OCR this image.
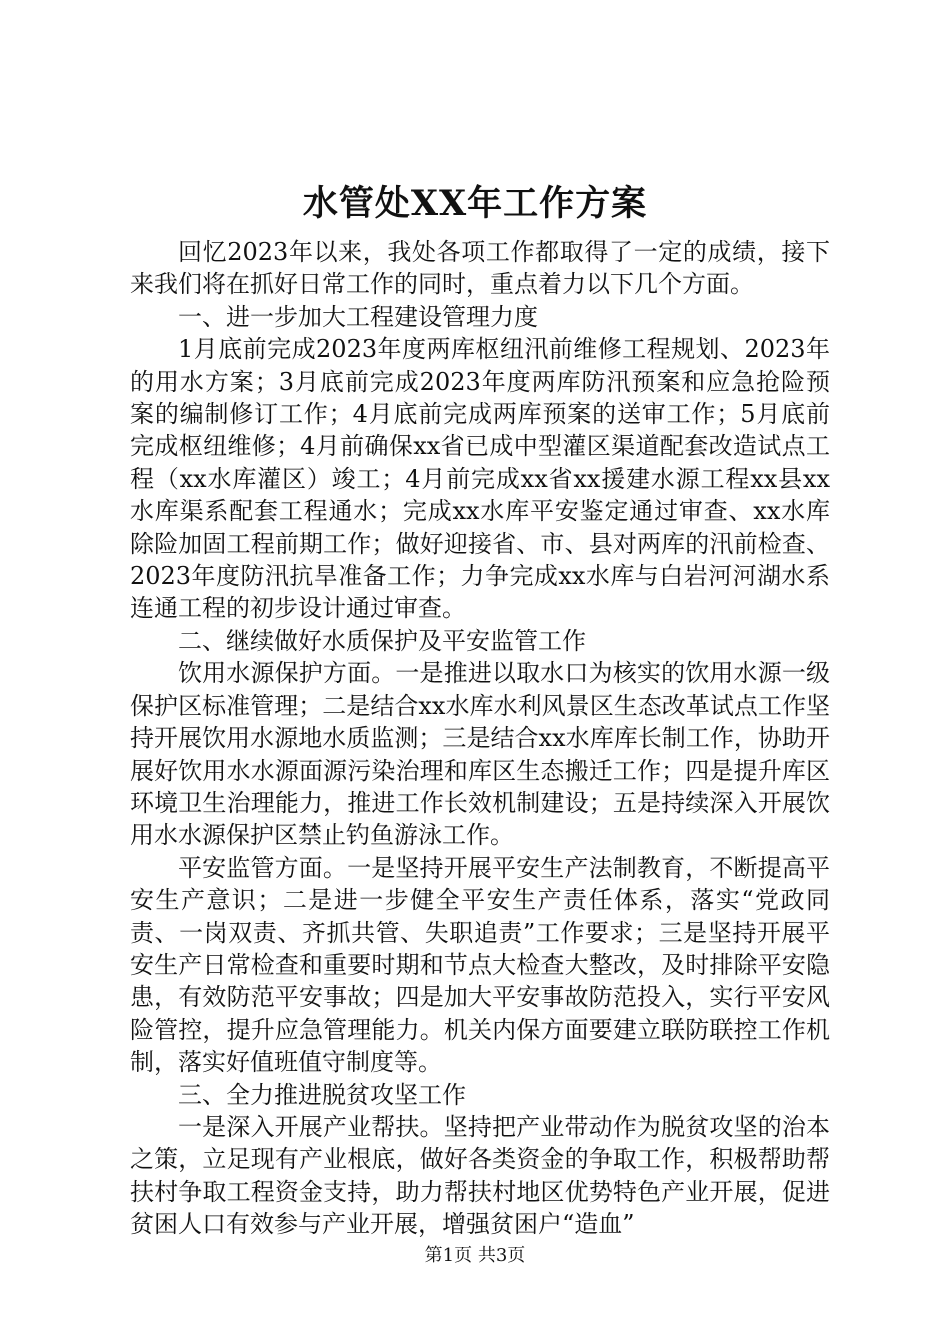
水管处XX年工作方案

回忆2023年以来，我处各项工作都取得了一定的成绩，接下来我们将在抓好日常工作的同时，重点着力以下几个方面。

一、进一步加大工程建设管理力度

1月底前完成2023年度两库枢纽汛前维修工程规划、2023年的用水方案；3月底前完成2023年度两库防汛预案和应急抢险预案的编制修订工作；4月底前完成两库预案的送审工作；5月底前完成枢纽维修；4月前确保xx省已成中型灌区渠道配套改造试点工程（xx水库灌区）竣工；4月前完成xx省xx援建水源工程xx县xx水库渠系配套工程通水；完成xx水库平安鉴定通过审查、xx水库除险加固工程前期工作；做好迎接省、市、县对两库的汛前检查、2023年度防汛抗旱准备工作；力争完成xx水库与白岩河河湖水系连通工程的初步设计通过审查。

二、继续做好水质保护及平安监管工作

饮用水源保护方面。一是推进以取水口为核实的饮用水源一级保护区标准管理；二是结合xx水库水利风景区生态改革试点工作坚持开展饮用水源地水质监测；三是结合xx水库库长制工作，协助开展好饮用水水源面源污染治理和库区生态搬迁工作；四是提升库区环境卫生治理能力，推进工作长效机制建设；五是持续深入开展饮用水水源保护区禁止钓鱼游泳工作。

平安监管方面。一是坚持开展平安生产法制教育，不断提高平安生产意识；二是进一步健全平安生产责任体系，落实“党政同责、一岗双责、齐抓共管、失职追责”工作要求；三是坚持开展平安生产日常检查和重要时期和节点大检查大整改，及时排除平安隐患，有效防范平安事故；四是加大平安事故防范投入，实行平安风险管控，提升应急管理能力。机关内保方面要建立联防联控工作机制，落实好值班值守制度等。

三、全力推进脱贫攻坚工作

一是深入开展产业帮扶。坚持把产业带动作为脱贫攻坚的治本之策，立足现有产业根底，做好各类资金的争取工作，积极帮助帮扶村争取工程资金支持，助力帮扶村地区优势特色产业开展，促进贫困人口有效参与产业开展，增强贫困户“造血”

第1页 共3页
